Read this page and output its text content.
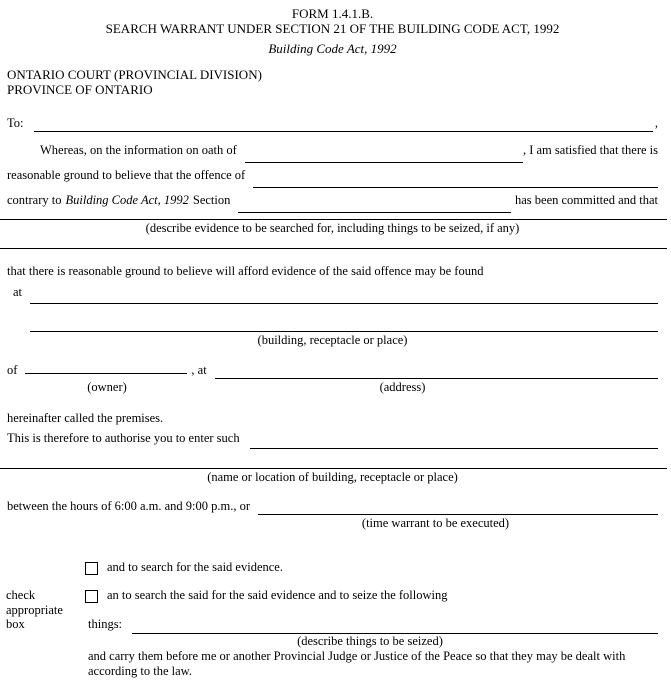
FORM 1.4.1.B.
SEARCH WARRANT UNDER SECTION 21 OF THE BUILDING CODE ACT, 1992
Building Code Act, 1992
ONTARIO COURT (PROVINCIAL DIVISION)
PROVINCE OF ONTARIO
To:	,
Whereas, on the information on oath of	, I am satisfied that there is
reasonable ground to believe that the offence of
contrary to Building Code Act, 1992 Section	has been committed and that
(describe evidence to be searched for, including things to be seized, if any)
that there is reasonable ground to believe will afford evidence of the said offence may be found
at
(building, receptacle or place)
of	, at
(owner)	(address)
hereinafter called the premises.
This is therefore to authorise you to enter such
(name or location of building, receptacle or place)
between the hours of 6:00 a.m. and 9:00 p.m., or
(time warrant to be executed)
and to search for the said evidence.
an to search the said for the said evidence and to seize the following
check
appropriate
box	things:
(describe things to be seized)
and carry them before me or another Provincial Judge or Justice of the Peace so that they may be dealt with
according to the law.
